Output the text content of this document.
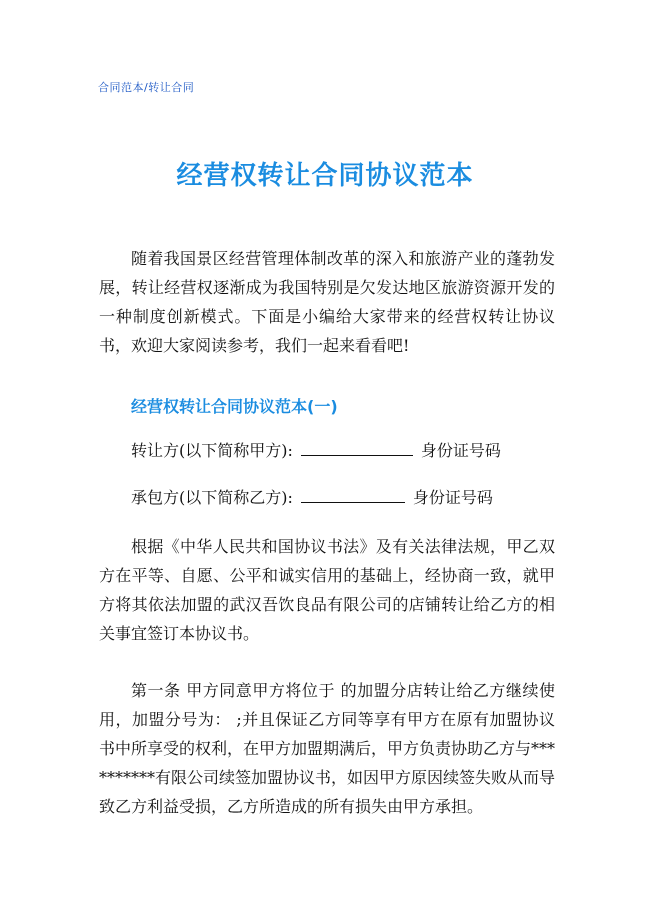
合同范本/转让合同
经营权转让合同协议范本
随着我国景区经营管理体制改革的深入和旅游产业的蓬勃发展，转让经营权逐渐成为我国特别是欠发达地区旅游资源开发的一种制度创新模式。下面是小编给大家带来的经营权转让协议书，欢迎大家阅读参考，我们一起来看看吧!
经营权转让合同协议范本(一)
转让方(以下简称甲方):	身份证号码
承包方(以下简称乙方):	身份证号码
根据《中华人民共和国协议书法》及有关法律法规，甲乙双方在平等、自愿、公平和诚实信用的基础上，经协商一致，就甲方将其依法加盟的武汉吾饮良品有限公司的店铺转让给乙方的相关事宜签订本协议书。
第一条 甲方同意甲方将位于 的加盟分店转让给乙方继续使用，加盟分号为： ;并且保证乙方同等享有甲方在原有加盟协议书中所享受的权利，在甲方加盟期满后，甲方负责协助乙方与**********有限公司续签加盟协议书，如因甲方原因续签失败从而导致乙方利益受损，乙方所造成的所有损失由甲方承担。
